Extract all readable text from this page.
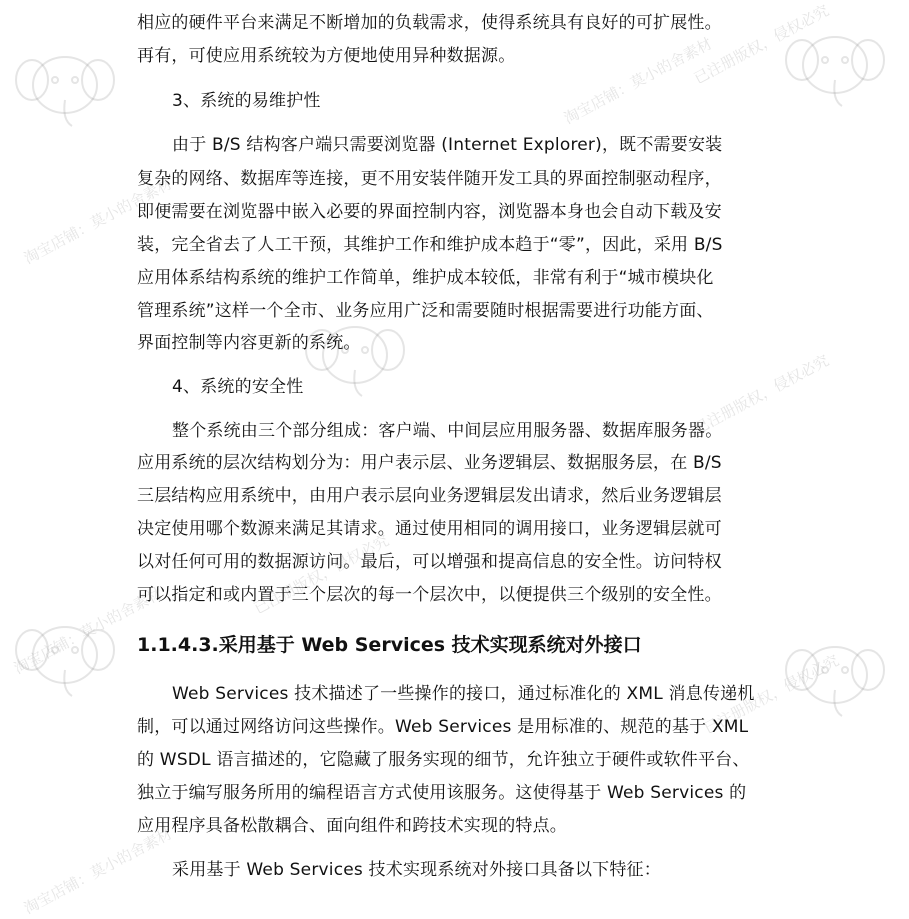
淘宝店铺：莫小的舍素材
已注册版权，侵权必究
淘宝店铺：莫小的舍素材
已注册版权，侵权必究
淘宝店铺：莫小的舍素材
已注册版权，侵权必究
淘宝店铺：莫小的舍素材
已注册版权，侵权必究
相应的硬件平台来满足不断增加的负载需求，使得系统具有良好的可扩展性。
再有，可使应用系统较为方便地使用异种数据源。
3、系统的易维护性
由于 B/S 结构客户端只需要浏览器 (Internet Explorer)，既不需要安装
复杂的网络、数据库等连接，更不用安装伴随开发工具的界面控制驱动程序，
即便需要在浏览器中嵌入必要的界面控制内容，浏览器本身也会自动下载及安
装，完全省去了人工干预，其维护工作和维护成本趋于“零”，因此，采用 B/S
应用体系结构系统的维护工作简单，维护成本较低，非常有利于“城市模块化
管理系统”这样一个全市、业务应用广泛和需要随时根据需要进行功能方面、
界面控制等内容更新的系统。
4、系统的安全性
整个系统由三个部分组成：客户端、中间层应用服务器、数据库服务器。
应用系统的层次结构划分为：用户表示层、业务逻辑层、数据服务层，在 B/S
三层结构应用系统中，由用户表示层向业务逻辑层发出请求，然后业务逻辑层
决定使用哪个数源来满足其请求。通过使用相同的调用接口，业务逻辑层就可
以对任何可用的数据源访问。最后，可以增强和提高信息的安全性。访问特权
可以指定和或内置于三个层次的每一个层次中，以便提供三个级别的安全性。
1.1.4.3.采用基于 Web Services 技术实现系统对外接口
Web Services 技术描述了一些操作的接口，通过标准化的 XML 消息传递机
制，可以通过网络访问这些操作。Web Services 是用标准的、规范的基于 XML
的 WSDL 语言描述的，它隐藏了服务实现的细节，允许独立于硬件或软件平台、
独立于编写服务所用的编程语言方式使用该服务。这使得基于 Web Services 的
应用程序具备松散耦合、面向组件和跨技术实现的特点。
采用基于 Web Services 技术实现系统对外接口具备以下特征：
